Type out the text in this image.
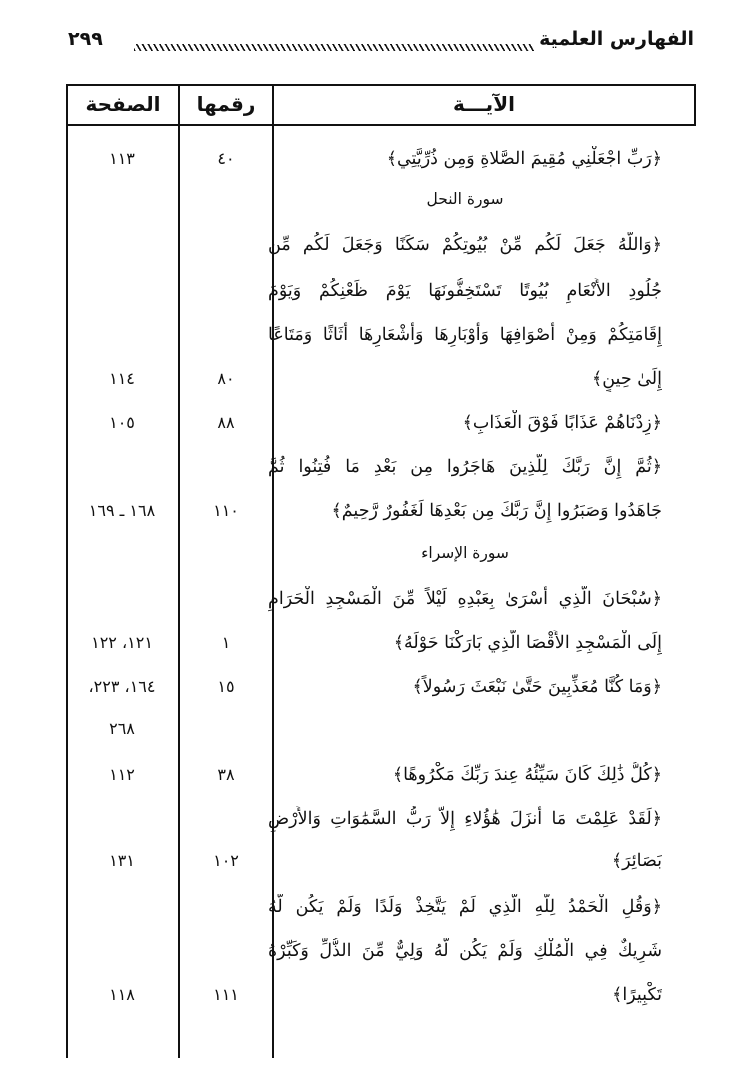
الفهارس العلمية
٢٩٩
الآيـــة
رقمها
الصفحة
﴿رَبِّ اجْعَلْنِي مُقِيمَ الصَّلاةِ وَمِن ذُرِّيَّتِي﴾
سورة النحل
﴿وَاللَّهُ جَعَلَ لَكُم مِّنْ بُيُوتِكُمْ سَكَنًا وَجَعَلَ لَكُم مِّن
جُلُودِ الأَنْعَامِ بُيُوتًا تَسْتَخِفُّونَهَا يَوْمَ ظَعْنِكُمْ وَيَوْمَ
إِقَامَتِكُمْ وَمِنْ أَصْوَافِهَا وَأَوْبَارِهَا وَأَشْعَارِهَا أَثَاثًا وَمَتَاعًا
إِلَىٰ حِينٍ﴾
﴿زِدْنَاهُمْ عَذَابًا فَوْقَ الْعَذَابِ﴾
﴿ثُمَّ إِنَّ رَبَّكَ لِلَّذِينَ هَاجَرُوا مِن بَعْدِ مَا فُتِنُوا ثُمَّ
جَاهَدُوا وَصَبَرُوا إِنَّ رَبَّكَ مِن بَعْدِهَا لَغَفُورٌ رَّحِيمٌ﴾
سورة الإسراء
﴿سُبْحَانَ الَّذِي أَسْرَىٰ بِعَبْدِهِ لَيْلاً مِّنَ الْمَسْجِدِ الْحَرَامِ
إِلَى الْمَسْجِدِ الأَقْصَا الَّذِي بَارَكْنَا حَوْلَهُ﴾
﴿وَمَا كُنَّا مُعَذِّبِينَ حَتَّىٰ نَبْعَثَ رَسُولاً﴾
﴿كُلُّ ذَٰلِكَ كَانَ سَيِّئُهُ عِندَ رَبِّكَ مَكْرُوهًا﴾
﴿لَقَدْ عَلِمْتَ مَا أَنزَلَ هَٰؤُلاءِ إِلاَّ رَبُّ السَّمَٰوَاتِ وَالأَرْضِ
بَصَائِرَ﴾
﴿وَقُلِ الْحَمْدُ لِلَّهِ الَّذِي لَمْ يَتَّخِذْ وَلَدًا وَلَمْ يَكُن لَّهُ
شَرِيكٌ فِي الْمُلْكِ وَلَمْ يَكُن لَّهُ وَلِيٌّ مِّنَ الذُّلِّ وَكَبِّرْهُ
تَكْبِيرًا﴾
٤٠
٨٠
٨٨
١١٠
١
١٥
٣٨
١٠٢
١١١
١١٣
١١٤
١٠٥
١٦٨ ـ ١٦٩
١٢١، ١٢٢
١٦٤، ٢٢٣،
٢٦٨
١١٢
١٣١
١١٨
